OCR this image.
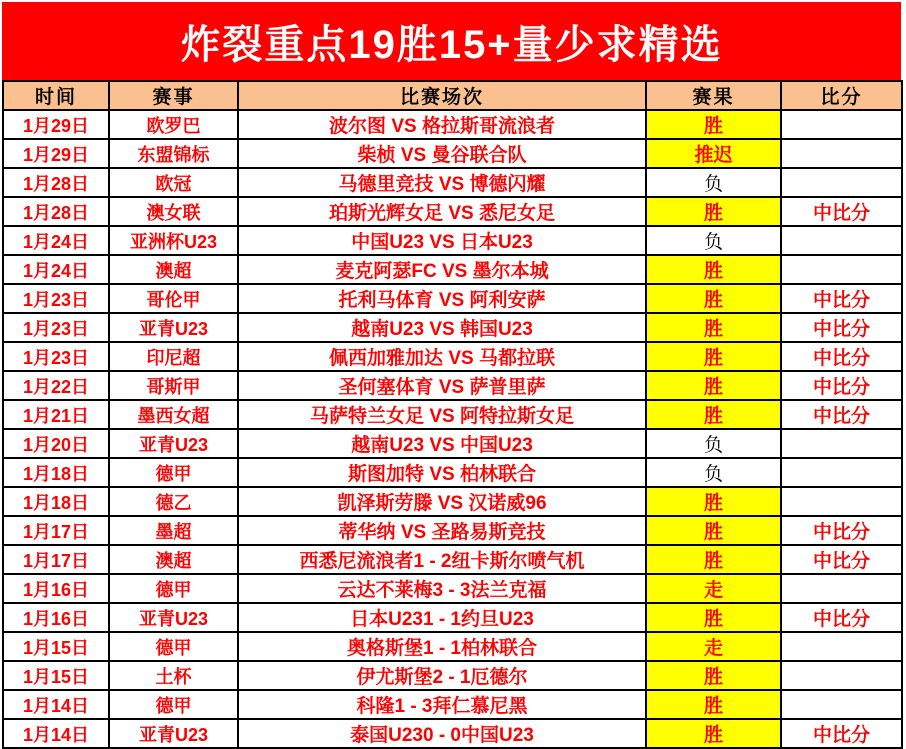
炸裂重点19胜15+量少求精选
时间	赛事	比赛场次	赛果	比分
1月29日	欧罗巴	波尔图 VS 格拉斯哥流浪者	胜	
1月29日	东盟锦标	柴桢 VS 曼谷联合队	推迟	
1月28日	欧冠	马德里竞技 VS 博德闪耀	负	
1月28日	澳女联	珀斯光辉女足 VS 悉尼女足	胜	中比分
1月24日	亚洲杯U23	中国U23 VS 日本U23	负	
1月24日	澳超	麦克阿瑟FC VS 墨尔本城	胜	
1月23日	哥伦甲	托利马体育 VS 阿利安萨	胜	中比分
1月23日	亚青U23	越南U23 VS 韩国U23	胜	中比分
1月23日	印尼超	佩西加雅加达 VS 马都拉联	胜	中比分
1月22日	哥斯甲	圣何塞体育 VS 萨普里萨	胜	中比分
1月21日	墨西女超	马萨特兰女足 VS 阿特拉斯女足	胜	中比分
1月20日	亚青U23	越南U23 VS 中国U23	负	
1月18日	德甲	斯图加特 VS 柏林联合	负	
1月18日	德乙	凯泽斯劳滕 VS 汉诺威96	胜	
1月17日	墨超	蒂华纳 VS 圣路易斯竞技	胜	中比分
1月17日	澳超	西悉尼流浪者1 - 2纽卡斯尔喷气机	胜	中比分
1月16日	德甲	云达不莱梅3 - 3法兰克福	走	
1月16日	亚青U23	日本U231 - 1约旦U23	胜	中比分
1月15日	德甲	奥格斯堡1 - 1柏林联合	走	
1月15日	土杯	伊尤斯堡2 - 1厄德尔	胜	
1月14日	德甲	科隆1 - 3拜仁慕尼黑	胜	
1月14日	亚青U23	泰国U230 - 0中国U23	胜	中比分
